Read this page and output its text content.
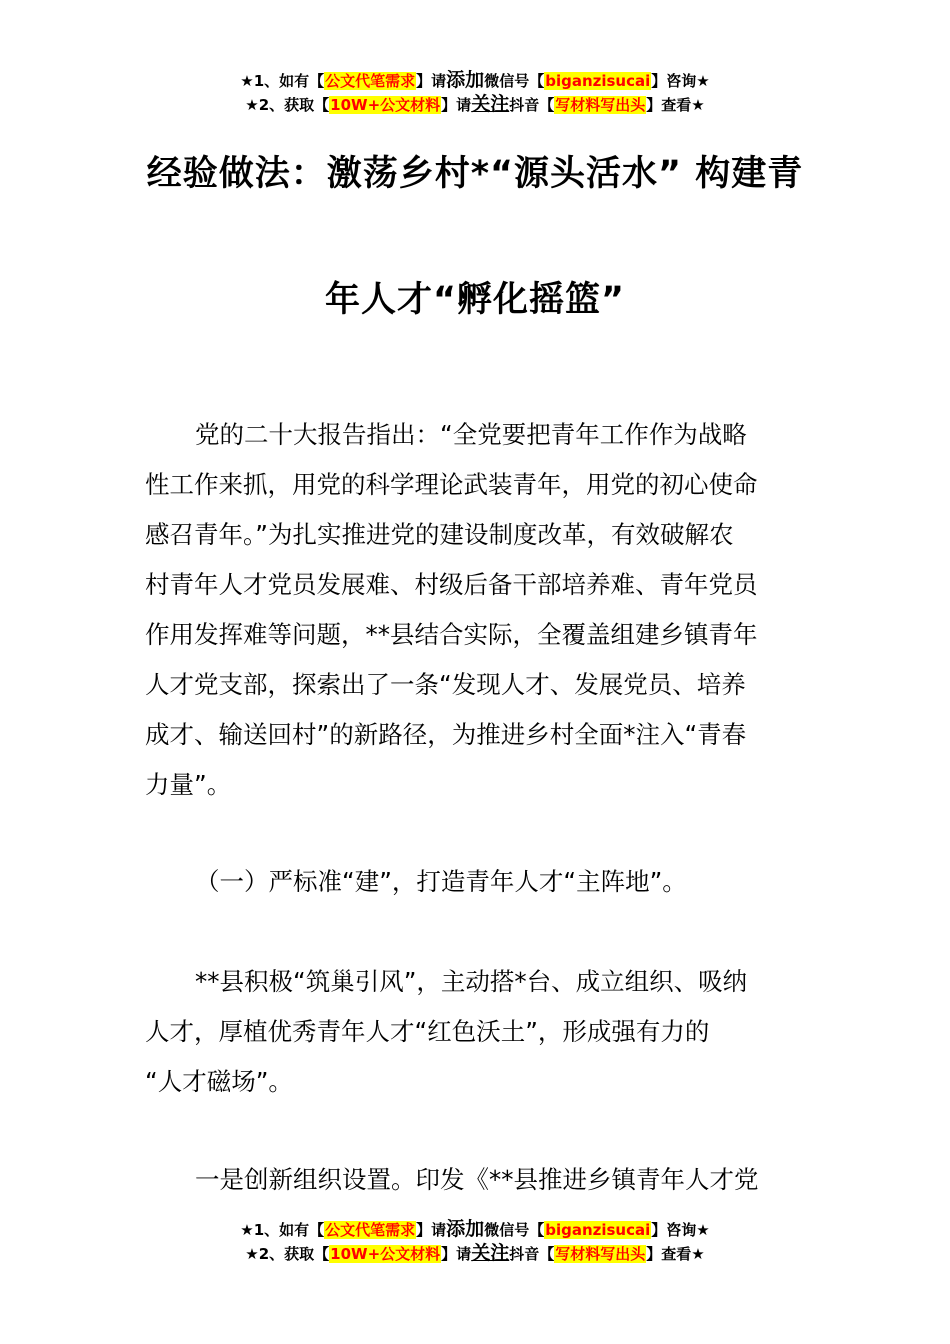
★1、如有【公文代笔需求】请添加微信号【biganzisucai】咨询★
★2、获取【10W+公文材料】请关注抖音【写材料写出头】查看★
经验做法：激荡乡村*“源头活水” 构建青
年人才“孵化摇篮”
党的二十大报告指出：“全党要把青年工作作为战略
性工作来抓，用党的科学理论武装青年，用党的初心使命
感召青年。”为扎实推进党的建设制度改革，有效破解农
村青年人才党员发展难、村级后备干部培养难、青年党员
作用发挥难等问题，**县结合实际，全覆盖组建乡镇青年
人才党支部，探索出了一条“发现人才、发展党员、培养
成才、输送回村”的新路径，为推进乡村全面*注入“青春
力量”。
（一）严标准“建”，打造青年人才“主阵地”。
**县积极“筑巢引风”，主动搭*台、成立组织、吸纳
人才，厚植优秀青年人才“红色沃土”，形成强有力的
“人才磁场”。
一是创新组织设置。印发《**县推进乡镇青年人才党
★1、如有【公文代笔需求】请添加微信号【biganzisucai】咨询★
★2、获取【10W+公文材料】请关注抖音【写材料写出头】查看★
